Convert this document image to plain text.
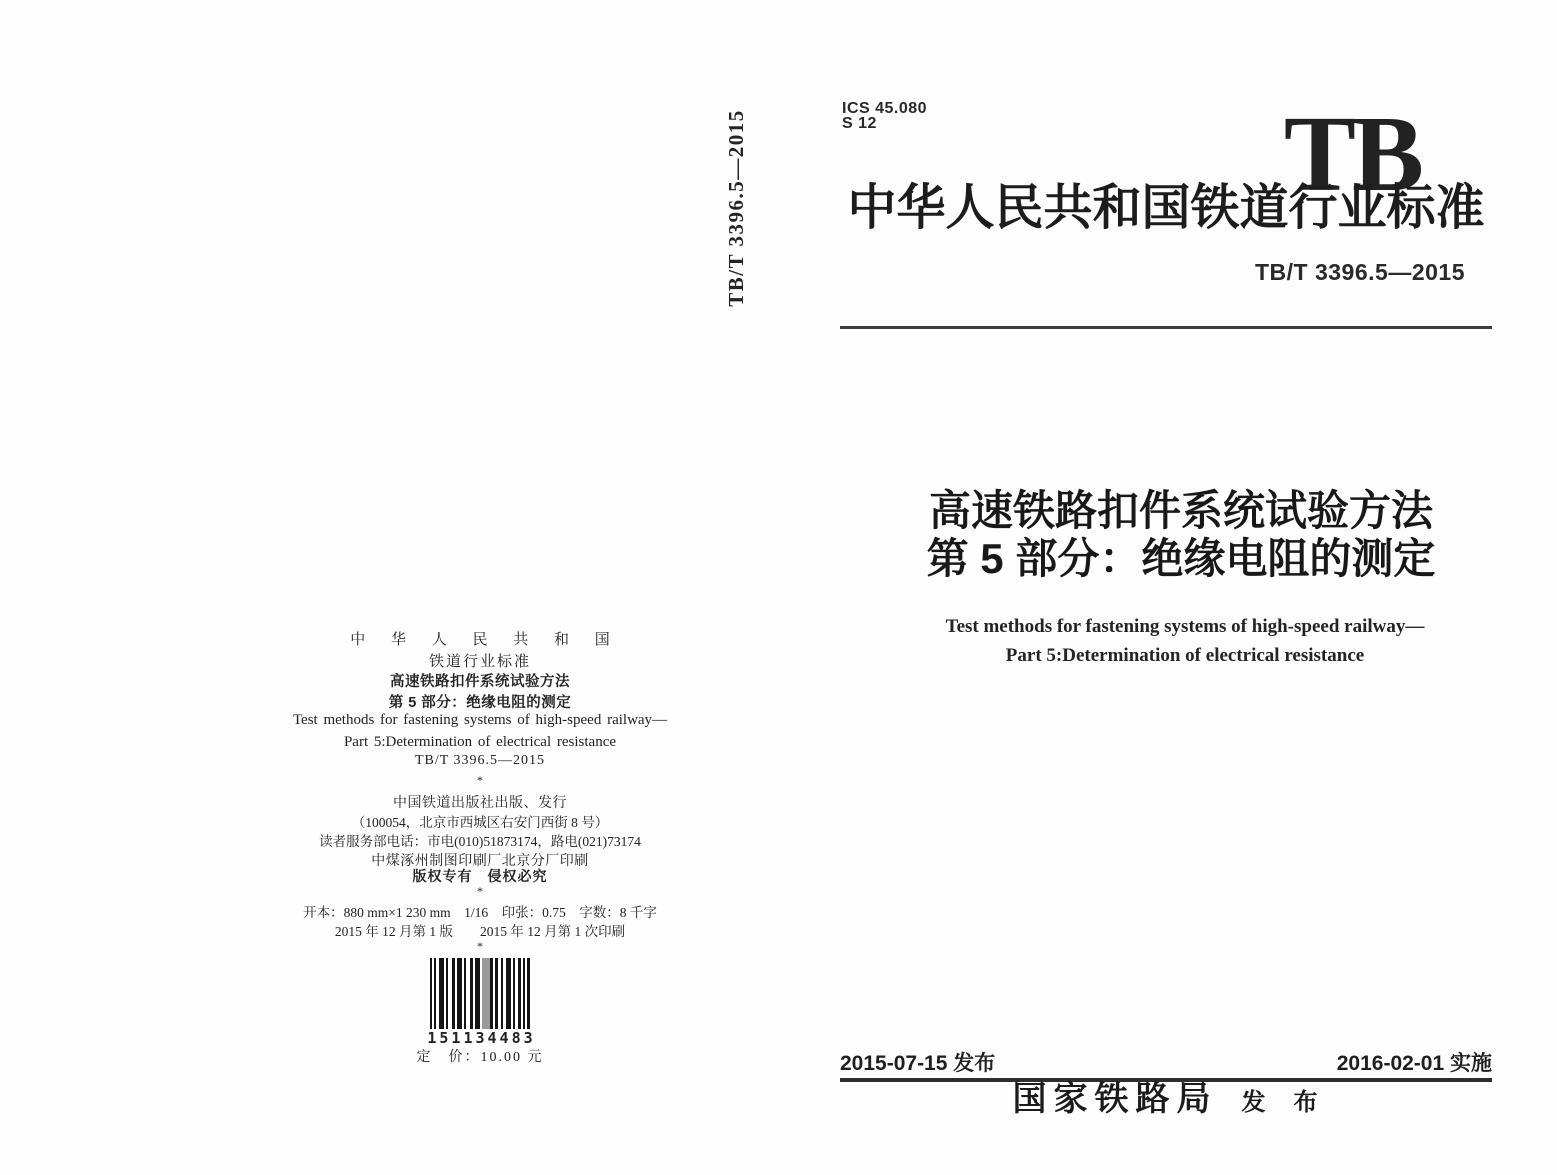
TB/T 3396.5—2015
中 华 人 民 共 和 国
铁道行业标准
高速铁路扣件系统试验方法
第 5 部分：绝缘电阻的测定
Test methods for fastening systems of high-speed railway—
Part 5:Determination of electrical resistance
TB/T 3396.5—2015
*
中国铁道出版社出版、发行
（100054，北京市西城区右安门西街 8 号）
读者服务部电话：市电(010)51873174，路电(021)73174
中煤涿州制图印刷厂北京分厂印刷
版权专有　侵权必究
*
开本：880 mm×1 230 mm　1/16　印张：0.75　字数：8 千字
2015 年 12 月第 1 版　　2015 年 12 月第 1 次印刷
*
151134483
定　价：10.00 元
ICS 45.080
S 12	TB
中华人民共和国铁道行业标准
TB/T 3396.5—2015
高速铁路扣件系统试验方法
第 5 部分：绝缘电阻的测定
Test methods for fastening systems of high-speed railway—
Part 5:Determination of electrical resistance
2015-07-15 发布	2016-02-01 实施
国家铁路局 发　布
